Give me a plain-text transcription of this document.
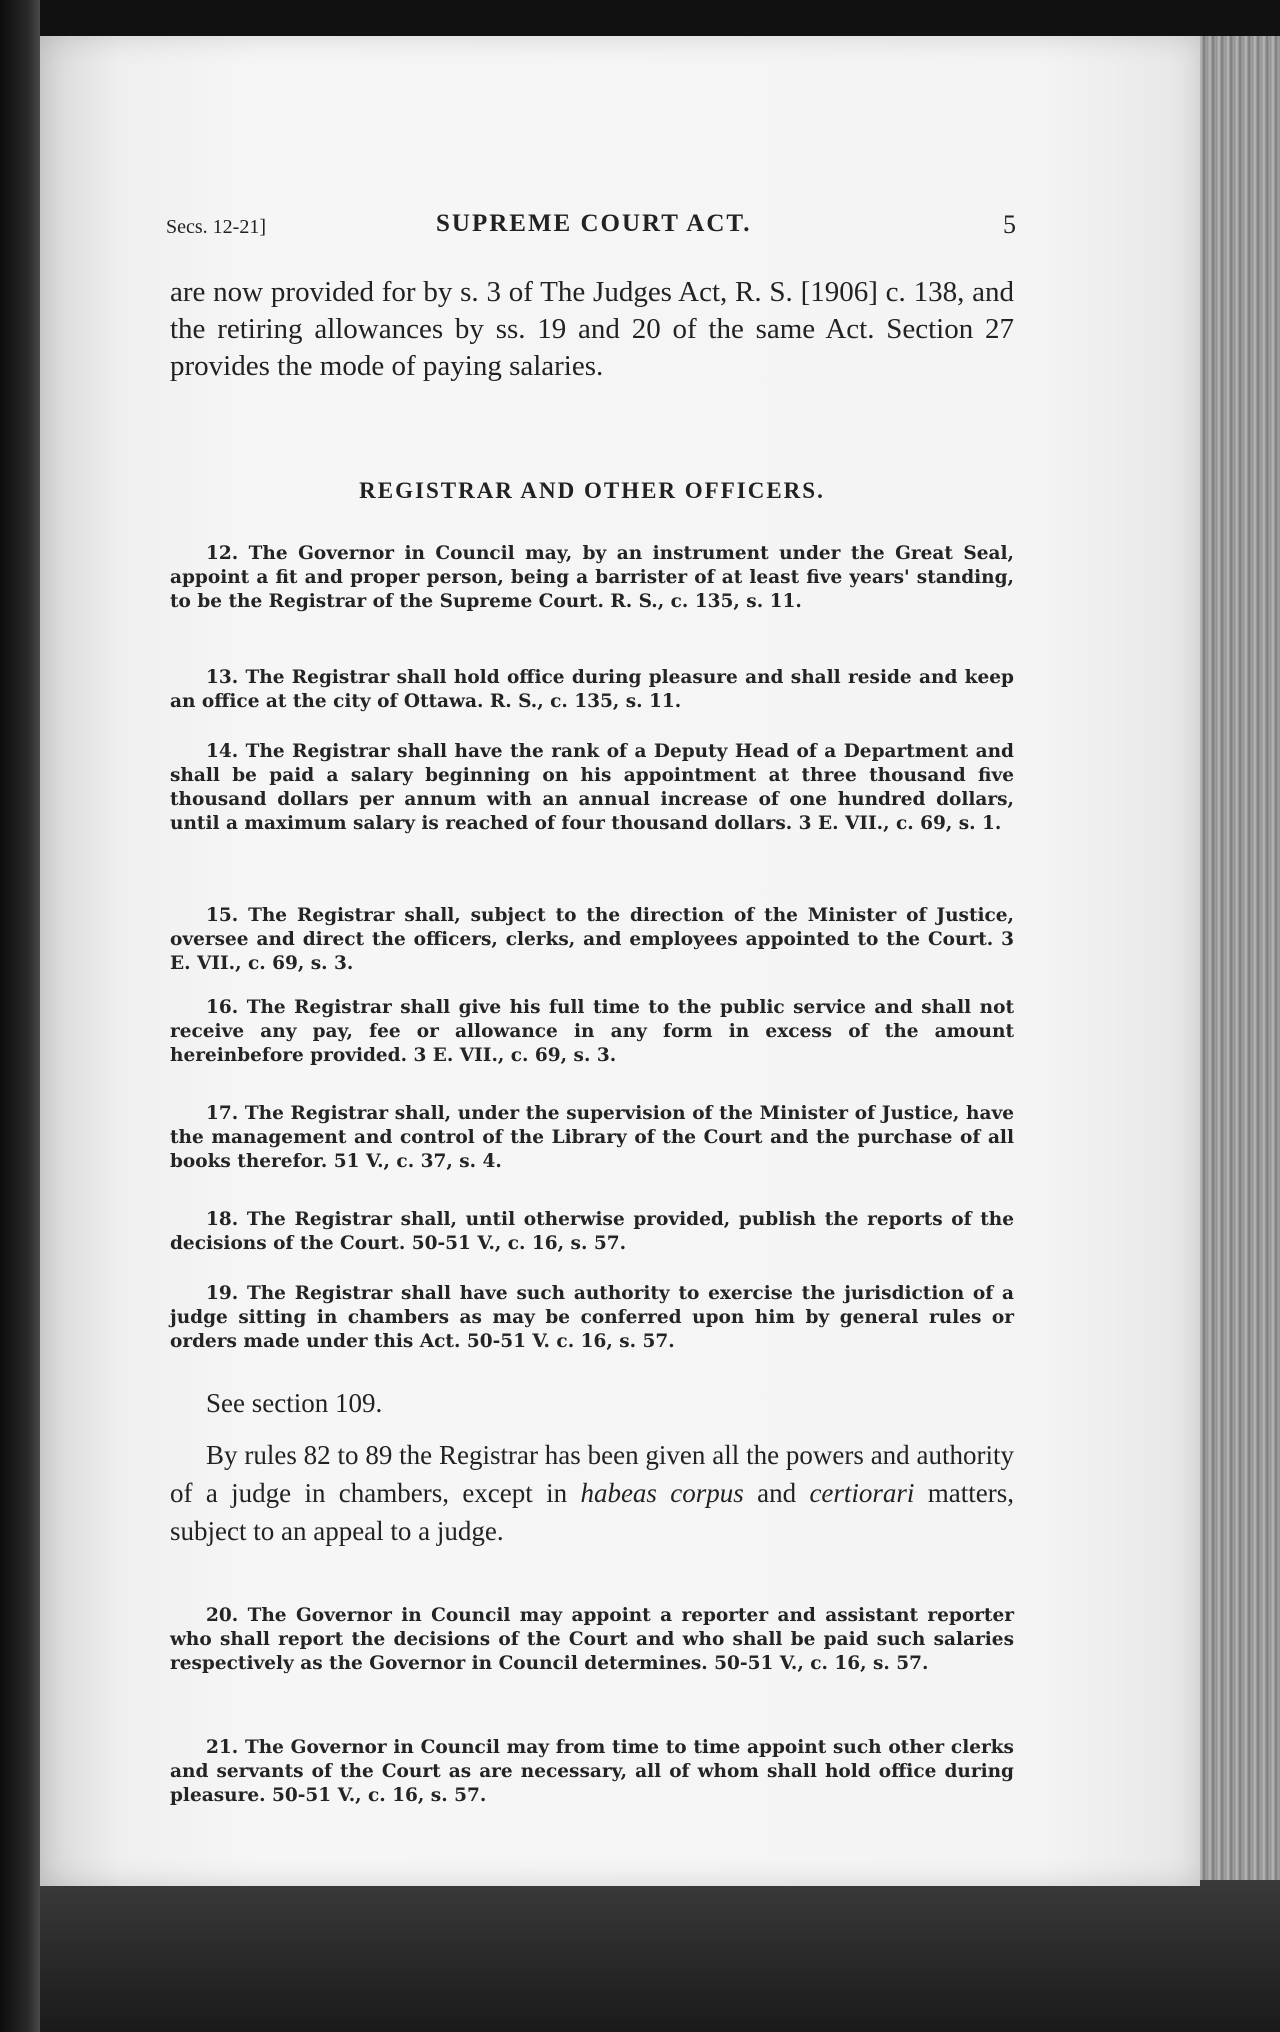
Secs. 12-21]	SUPREME COURT ACT.	5
are now provided for by s. 3 of The Judges Act, R. S. [1906] c. 138, and the retiring allowances by ss. 19 and 20 of the same Act. Section 27 provides the mode of paying salaries.
REGISTRAR AND OTHER OFFICERS.
12. The Governor in Council may, by an instrument under the Great Seal, appoint a fit and proper person, being a barrister of at least five years' standing, to be the Registrar of the Supreme Court. R. S., c. 135, s. 11.
13. The Registrar shall hold office during pleasure and shall reside and keep an office at the city of Ottawa. R. S., c. 135, s. 11.
14. The Registrar shall have the rank of a Deputy Head of a Department and shall be paid a salary beginning on his appointment at three thousand five thousand dollars per annum with an annual increase of one hundred dollars, until a maximum salary is reached of four thousand dollars. 3 E. VII., c. 69, s. 1.
15. The Registrar shall, subject to the direction of the Minister of Justice, oversee and direct the officers, clerks, and employees appointed to the Court. 3 E. VII., c. 69, s. 3.
16. The Registrar shall give his full time to the public service and shall not receive any pay, fee or allowance in any form in excess of the amount hereinbefore provided. 3 E. VII., c. 69, s. 3.
17. The Registrar shall, under the supervision of the Minister of Justice, have the management and control of the Library of the Court and the purchase of all books therefor. 51 V., c. 37, s. 4.
18. The Registrar shall, until otherwise provided, publish the reports of the decisions of the Court. 50-51 V., c. 16, s. 57.
19. The Registrar shall have such authority to exercise the jurisdiction of a judge sitting in chambers as may be conferred upon him by general rules or orders made under this Act. 50-51 V. c. 16, s. 57.
See section 109.
By rules 82 to 89 the Registrar has been given all the powers and authority of a judge in chambers, except in habeas corpus and certiorari matters, subject to an appeal to a judge.
20. The Governor in Council may appoint a reporter and assistant reporter who shall report the decisions of the Court and who shall be paid such salaries respectively as the Governor in Council determines. 50-51 V., c. 16, s. 57.
21. The Governor in Council may from time to time appoint such other clerks and servants of the Court as are necessary, all of whom shall hold office during pleasure. 50-51 V., c. 16, s. 57.
